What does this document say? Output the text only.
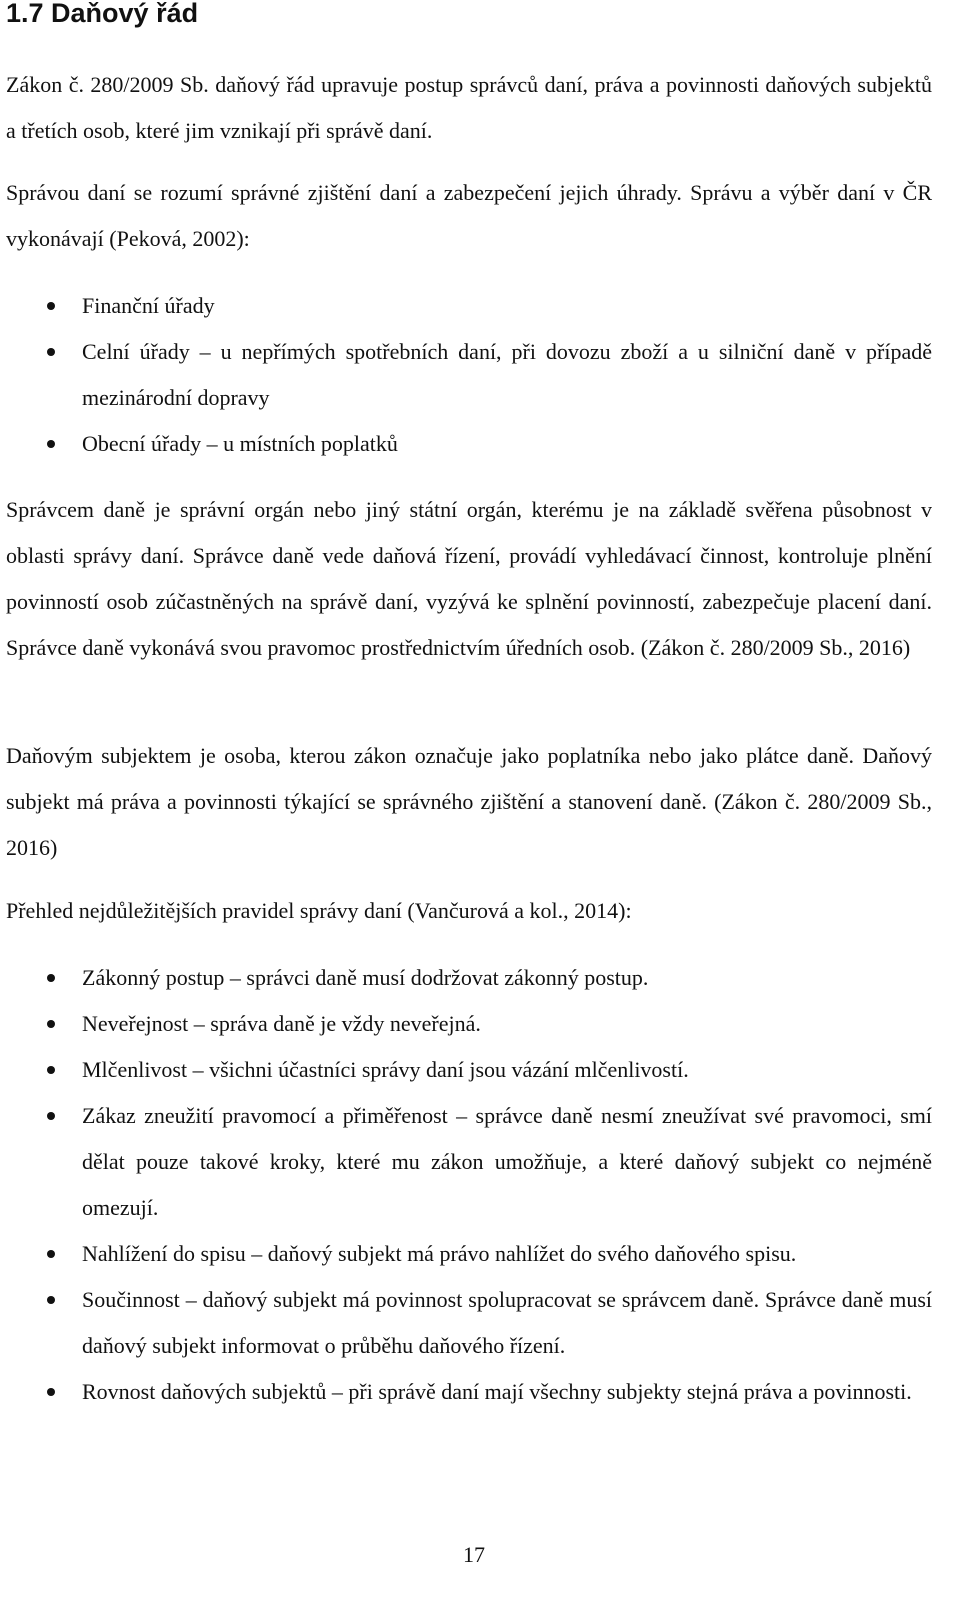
1.7 Daňový řád

Zákon č. 280/2009 Sb. daňový řád upravuje postup správců daní, práva a povinnosti daňových subjektů a třetích osob, které jim vznikají při správě daní.

Správou daní se rozumí správné zjištění daní a zabezpečení jejich úhrady. Správu a výběr daní v ČR vykonávají (Peková, 2002):

Finanční úřady
Celní úřady – u nepřímých spotřebních daní, při dovozu zboží a u silniční daně v případě mezinárodní dopravy
Obecní úřady – u místních poplatků

Správcem daně je správní orgán nebo jiný státní orgán, kterému je na základě svěřena působnost v oblasti správy daní. Správce daně vede daňová řízení, provádí vyhledávací činnost, kontroluje plnění povinností osob zúčastněných na správě daní, vyzývá ke splnění povinností, zabezpečuje placení daní. Správce daně vykonává svou pravomoc prostřednictvím úředních osob. (Zákon č. 280/2009 Sb., 2016)

Daňovým subjektem je osoba, kterou zákon označuje jako poplatníka nebo jako plátce daně. Daňový subjekt má práva a povinnosti týkající se správného zjištění a stanovení daně. (Zákon č. 280/2009 Sb., 2016)

Přehled nejdůležitějších pravidel správy daní (Vančurová a kol., 2014):

Zákonný postup – správci daně musí dodržovat zákonný postup.
Neveřejnost – správa daně je vždy neveřejná.
Mlčenlivost – všichni účastníci správy daní jsou vázání mlčenlivostí.
Zákaz zneužití pravomocí a přiměřenost – správce daně nesmí zneužívat své pravomoci, smí dělat pouze takové kroky, které mu zákon umožňuje, a které daňový subjekt co nejméně omezují.
Nahlížení do spisu – daňový subjekt má právo nahlížet do svého daňového spisu.
Součinnost – daňový subjekt má povinnost spolupracovat se správcem daně. Správce daně musí daňový subjekt informovat o průběhu daňového řízení.
Rovnost daňových subjektů – při správě daní mají všechny subjekty stejná práva a povinnosti.
17
